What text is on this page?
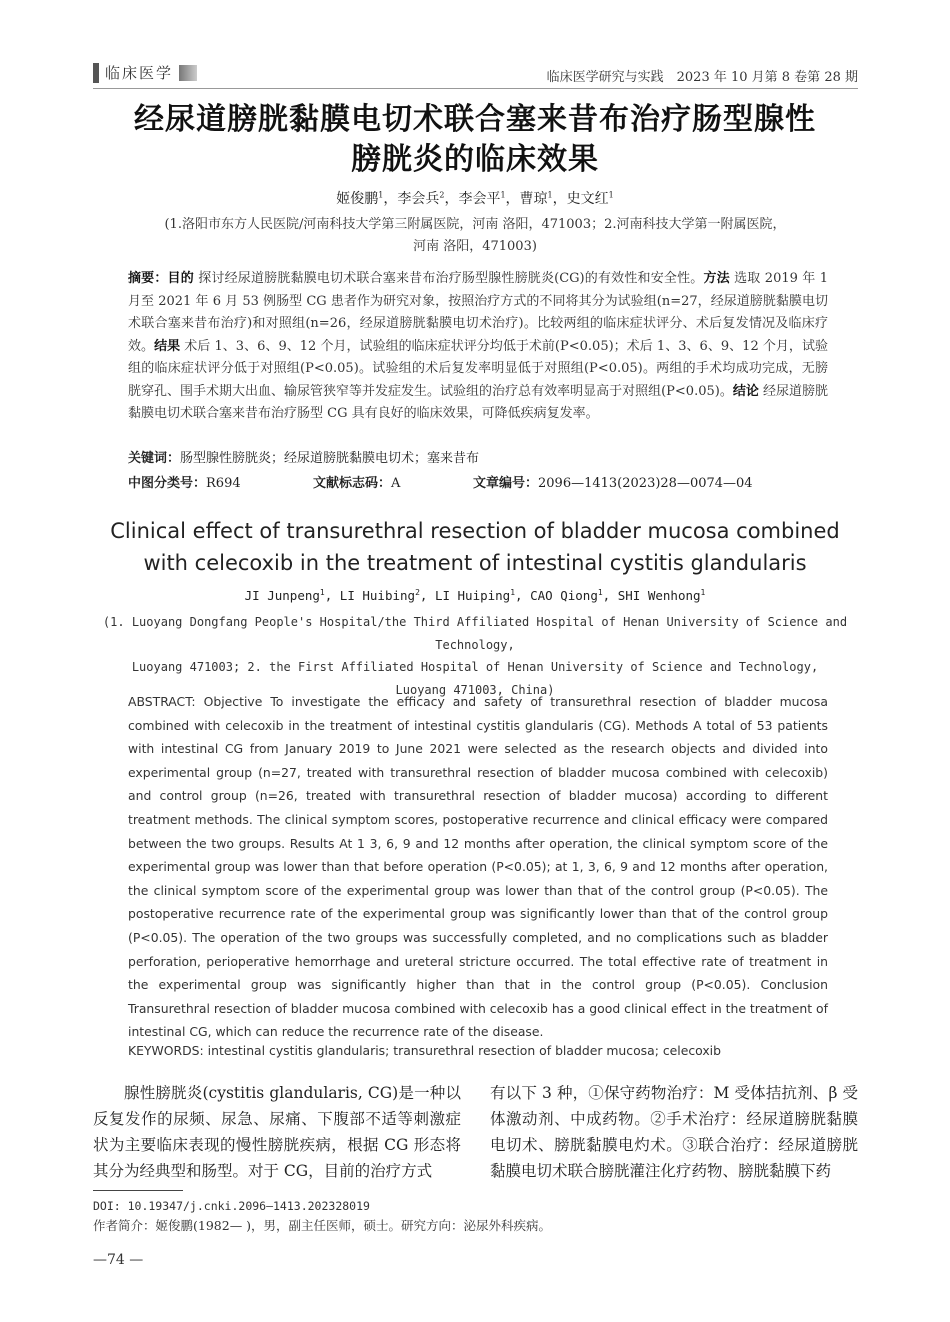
临床医学	临床医学研究与实践　2023 年 10 月第 8 卷第 28 期
经尿道膀胱黏膜电切术联合塞来昔布治疗肠型腺性
膀胱炎的临床效果
姬俊鹏$^1$，李会兵$^2$，李会平$^1$，曹琼$^1$，史文红$^1$
(1.洛阳市东方人民医院/河南科技大学第三附属医院，河南 洛阳，471003；2.河南科技大学第一附属医院，
河南 洛阳，471003)
摘要：目的 探讨经尿道膀胱黏膜电切术联合塞来昔布治疗肠型腺性膀胱炎(CG)的有效性和安全性。方法 选取 2019 年 1 月至 2021 年 6 月 53 例肠型 CG 患者作为研究对象，按照治疗方式的不同将其分为试验组(n=27，经尿道膀胱黏膜电切术联合塞来昔布治疗)和对照组(n=26，经尿道膀胱黏膜电切术治疗)。比较两组的临床症状评分、术后复发情况及临床疗效。结果 术后 1、3、6、9、12 个月，试验组的临床症状评分均低于术前(P<0.05)；术后 1、3、6、9、12 个月，试验组的临床症状评分低于对照组(P<0.05)。试验组的术后复发率明显低于对照组(P<0.05)。两组的手术均成功完成，无膀胱穿孔、围手术期大出血、输尿管狭窄等并发症发生。试验组的治疗总有效率明显高于对照组(P<0.05)。结论 经尿道膀胱黏膜电切术联合塞来昔布治疗肠型 CG 具有良好的临床效果，可降低疾病复发率。
关键词：肠型腺性膀胱炎；经尿道膀胱黏膜电切术；塞来昔布
中图分类号：R694	文献标志码：A	文章编号：2096—1413(2023)28—0074—04
Clinical effect of transurethral resection of bladder mucosa combined
with celecoxib in the treatment of intestinal cystitis glandularis
JI Junpeng$^1$, LI Huibing$^2$, LI Huiping$^1$, CAO Qiong$^1$, SHI Wenhong$^1$
(1. Luoyang Dongfang People's Hospital/the Third Affiliated Hospital of Henan University of Science and Technology,
Luoyang 471003; 2. the First Affiliated Hospital of Henan University of Science and Technology,
Luoyang 471003, China)
ABSTRACT: Objective To investigate the efficacy and safety of transurethral resection of bladder mucosa combined with celecoxib in the treatment of intestinal cystitis glandularis (CG). Methods A total of 53 patients with intestinal CG from January 2019 to June 2021 were selected as the research objects and divided into experimental group (n=27, treated with transurethral resection of bladder mucosa combined with celecoxib) and control group (n=26, treated with transurethral resection of bladder mucosa) according to different treatment methods. The clinical symptom scores, postoperative recurrence and clinical efficacy were compared between the two groups. Results At 1 3, 6, 9 and 12 months after operation, the clinical symptom score of the experimental group was lower than that before operation (P<0.05); at 1, 3, 6, 9 and 12 months after operation, the clinical symptom score of the experimental group was lower than that of the control group (P<0.05). The postoperative recurrence rate of the experimental group was significantly lower than that of the control group (P<0.05). The operation of the two groups was successfully completed, and no complications such as bladder perforation, perioperative hemorrhage and ureteral stricture occurred. The total effective rate of treatment in the experimental group was significantly higher than that in the control group (P<0.05). Conclusion Transurethral resection of bladder mucosa combined with celecoxib has a good clinical effect in the treatment of intestinal CG, which can reduce the recurrence rate of the disease.
KEYWORDS: intestinal cystitis glandularis; transurethral resection of bladder mucosa; celecoxib
腺性膀胱炎(cystitis glandularis, CG)是一种以反复发作的尿频、尿急、尿痛、下腹部不适等刺激症状为主要临床表现的慢性膀胱疾病，根据 CG 形态将其分为经典型和肠型。对于 CG，目前的治疗方式
有以下 3 种，①保守药物治疗：M 受体拮抗剂、β 受体激动剂、中成药物。②手术治疗：经尿道膀胱黏膜电切术、膀胱黏膜电灼术。③联合治疗：经尿道膀胱黏膜电切术联合膀胱灌注化疗药物、膀胱黏膜下药
DOI: 10.19347/j.cnki.2096—1413.202328019
作者简介：姬俊鹏(1982— )，男，副主任医师，硕士。研究方向：泌尿外科疾病。
—74 —
